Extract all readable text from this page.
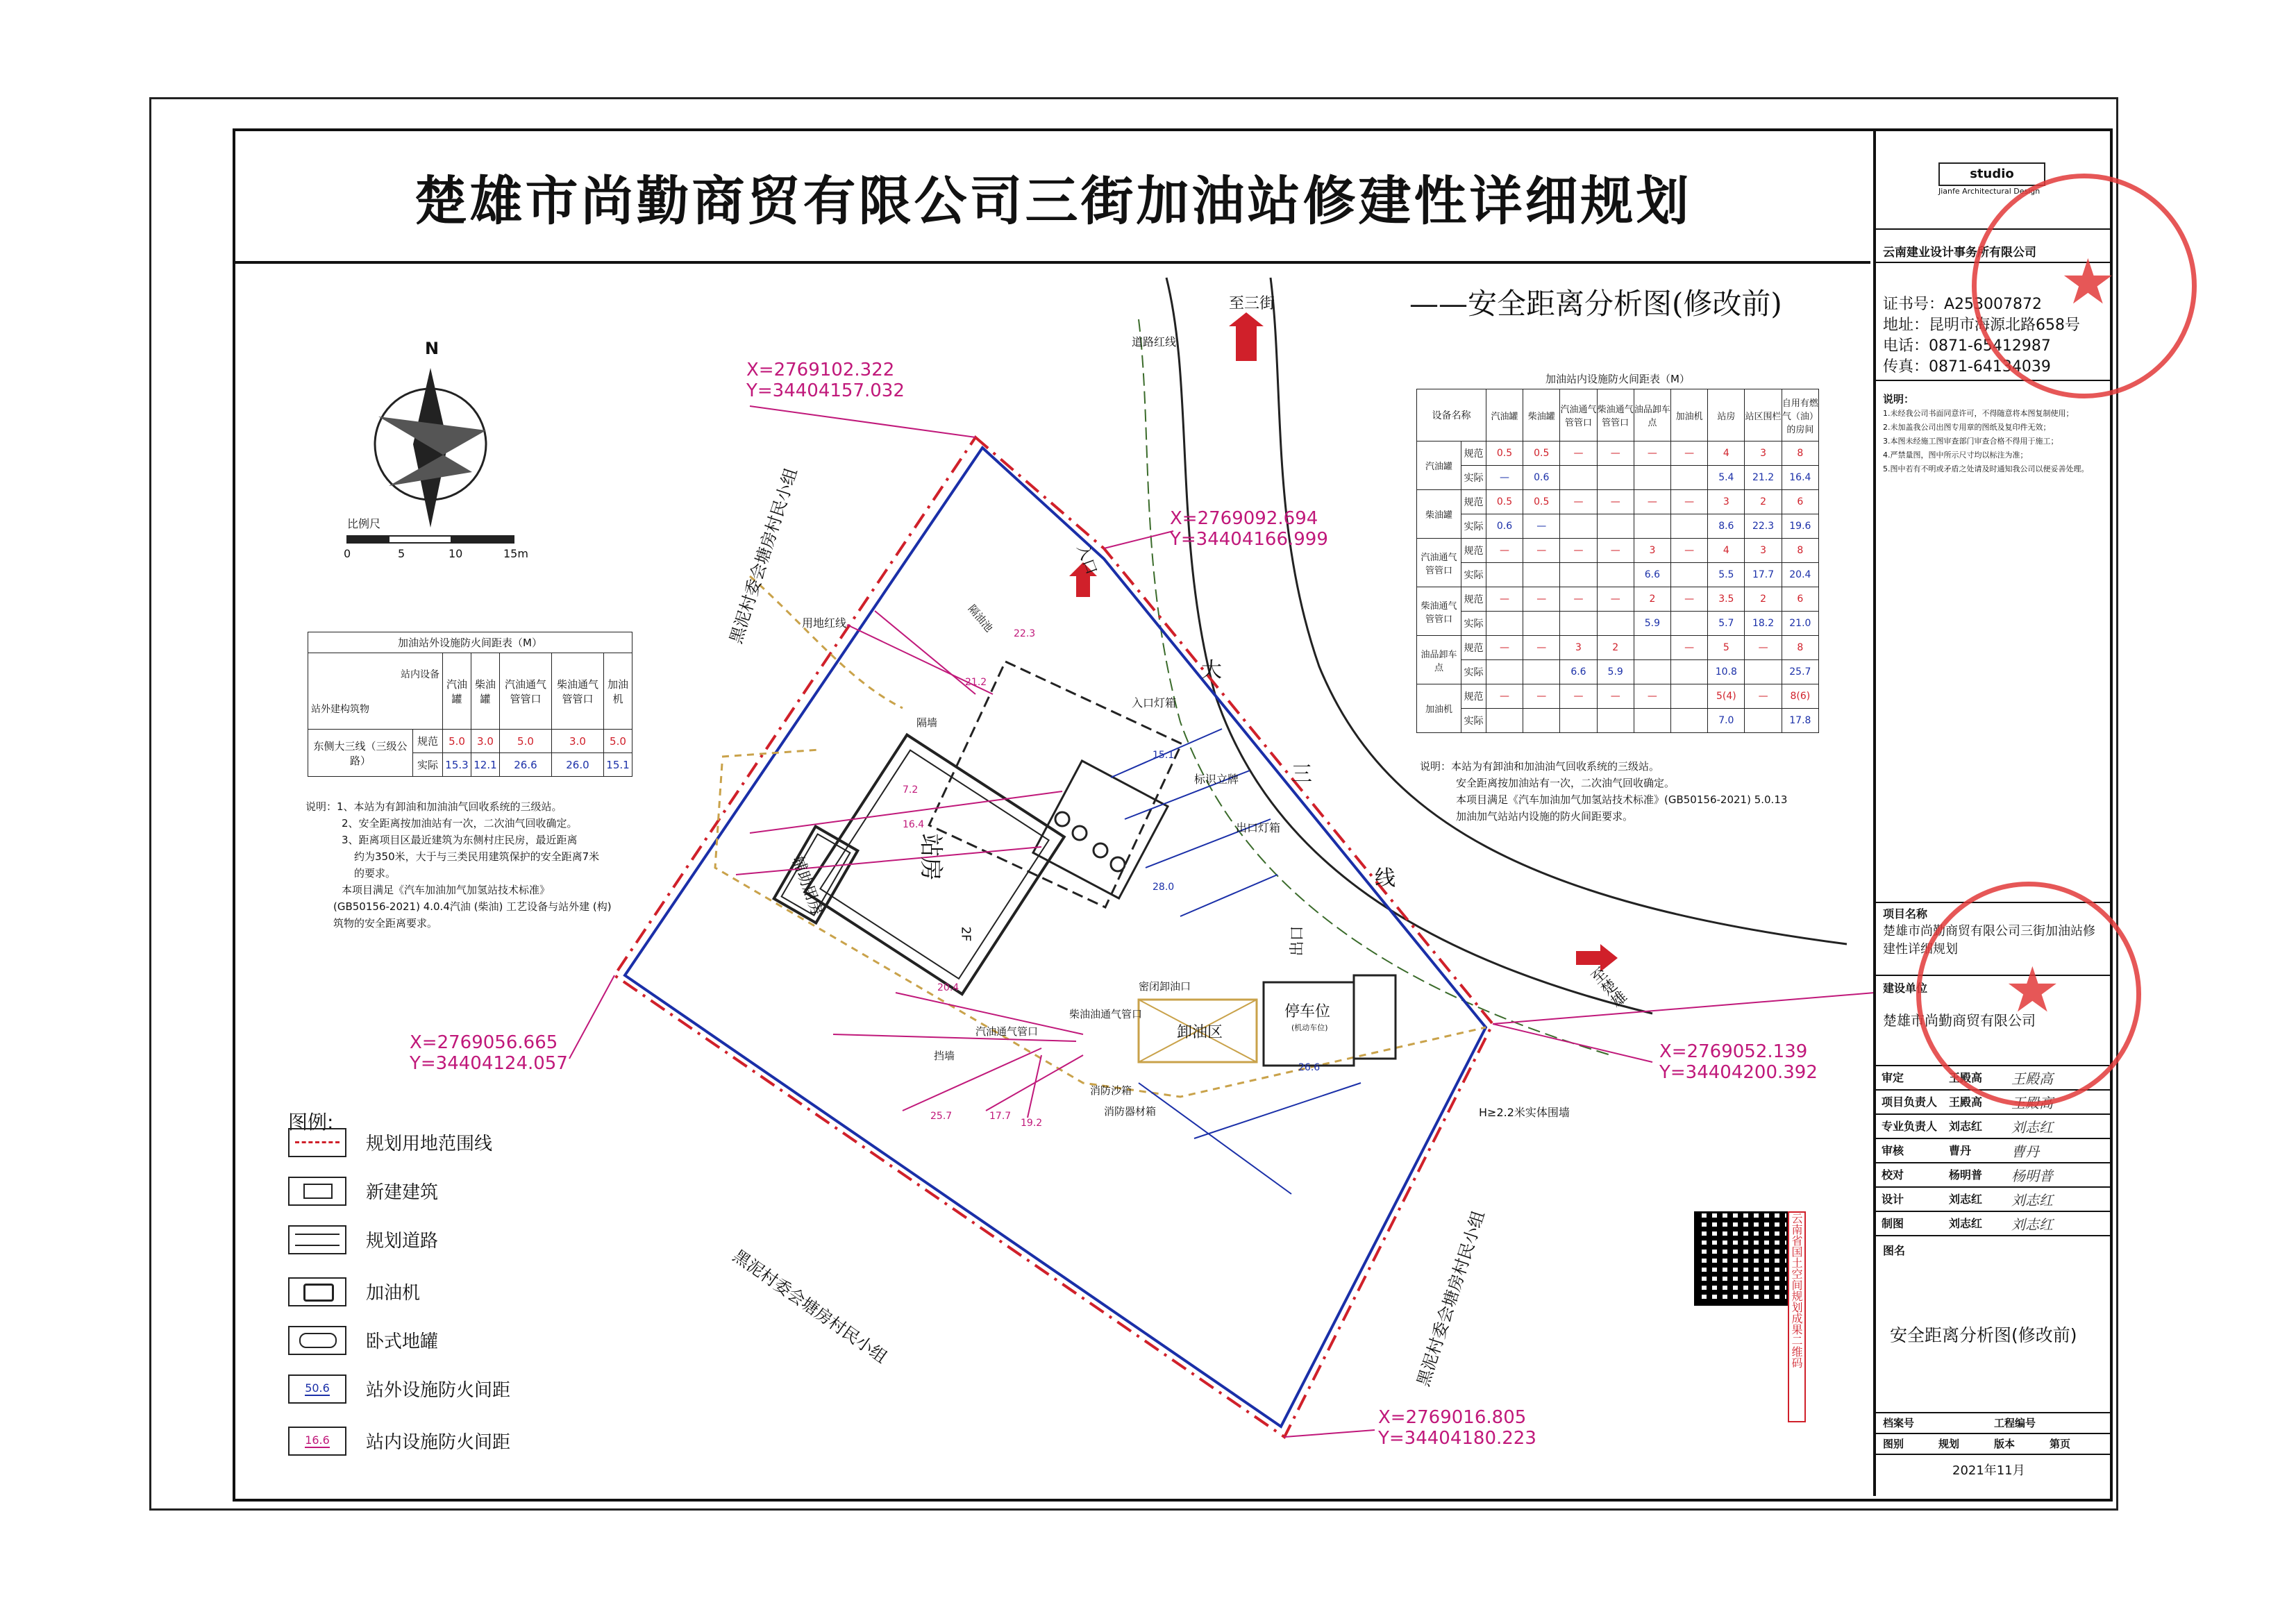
楚雄市尚勤商贸有限公司三街加油站修建性详细规划
——安全距离分析图(修改前)
至三街
至楚雄
大
三
线
道路红线
用地红线
入口
出口
入口灯箱
出口灯箱
标识立牌
站房
2F
辅助用房
卸油区
停车位
(机动车位)
密闭卸油口
柴油油通气管口
汽油通气管口
挡墙
消防沙箱
消防器材箱	H≥2.2米实体围墙
隔油池
隔墙
黑泥村委会塘房村民小组
黑泥村委会塘房村民小组	黑泥村委会塘房村民小组
22.3
21.2
20.4
25.7	17.7
19.2
26.6
28.0
15.1
7.2
16.4
X=2769102.322
Y=34404157.032
X=2769092.694
Y=34404166.999
X=2769056.665
Y=34404124.057
X=2769052.139
Y=34404200.392
X=2769016.805
Y=34404180.223
N
比例尺
0	5	10	15m
加油站外设施防火间距表（M）						

站内设备
站外建构筑物		汽油罐	柴油罐	汽油通气管管口	柴油通气管管口	加油机
东侧大三线（三级公路）	规范	5.0	3.0	5.0	3.0	5.0
	实际	15.3	12.1	26.6	26.0	15.1
说明：1、本站为有卸油和加油油气回收系统的三级站。
2、安全距离按加油站有一次，二次油气回收确定。
3、距离项目区最近建筑为东侧村庄民房，最近距离
约为350米，大于与三类民用建筑保护的安全距离7米
的要求。
本项目满足《汽车加油加气加氢站技术标准》
(GB50156-2021) 4.0.4汽油 (柴油) 工艺设备与站外建 (构)
筑物的安全距离要求。
加油站内设施防火间距表（M）
设备名称		汽油罐	柴油罐	汽油通气管管口	柴油通气管管口	油品卸车点	加油机	站房	站区围栏	自用有燃气（油）的房间
汽油罐	规范	0.5	0.5	—	—	—	—	4	3	8
	实际	—	0.6					5.4	21.2	16.4
柴油罐	规范	0.5	0.5	—	—	—	—	3	2	6
	实际	0.6	—					8.6	22.3	19.6
汽油通气管管口	规范	—	—	—	—	3	—	4	3	8
	实际					6.6		5.5	17.7	20.4
柴油通气管管口	规范	—	—	—	—	2	—	3.5	2	6
	实际					5.9		5.7	18.2	21.0
油品卸车点	规范	—	—	3	2		—	5	—	8
	实际			6.6	5.9			10.8		25.7
加油机	规范	—	—	—	—	—		5(4)	—	8(6)
	实际							7.0		17.8
说明：本站为有卸油和加油油气回收系统的三级站。
安全距离按加油站有一次，二次油气回收确定。
本项目满足《汽车加油加气加氢站技术标准》(GB50156-2021) 5.0.13
加油加气站站内设施的防火间距要求。
图例:
规划用地范围线
新建建筑
规划道路
加油机
卧式地罐
50.6	站外设施防火间距
16.6	站内设施防火间距
云南省国土空间规划成果二维码
studio
Jianfe Architectural Design
云南建业设计事务所有限公司
证书号：A253007872
地址：昆明市海源北路658号
电话：0871-65412987
传真：0871-64134039
说明：
1.未经我公司书面同意许可，不得随意将本图复制使用；
2.未加盖我公司出图专用章的图纸及复印件无效；
3.本图未经施工图审查部门审查合格不得用于施工；
4.严禁量图，图中所示尺寸均以标注为准；
5.图中若有不明或矛盾之处请及时通知我公司以便妥善处理。
项目名称
楚雄市尚勤商贸有限公司三街加油站修建性详细规划
建设单位
楚雄市尚勤商贸有限公司
审定	王殿高 王殿高
项目负责人 王殿高 王殿高
专业负责人 刘志红 刘志红
审核	曹丹	曹丹
校对	杨明普 杨明普
设计	刘志红 刘志红
制图	刘志红 刘志红
图名
安全距离分析图(修改前)
档案号	工程编号
图别	规划	版本	第页
2021年11月
★
★
